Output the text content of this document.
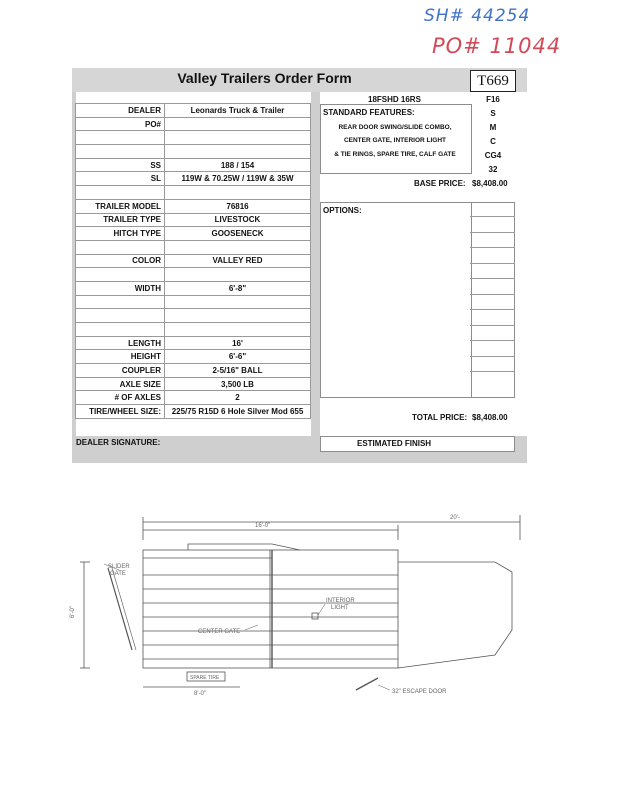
SH# 44254
PO# 11044
Valley Trailers Order Form	T669
DEALER	Leonards Truck & Trailer
PO#	

SS	188 / 154
SL	119W & 70.25W / 119W & 35W

TRAILER MODEL	76816
TRAILER TYPE	LIVESTOCK
HITCH TYPE	GOOSENECK

COLOR	VALLEY RED

WIDTH	6'-8"

LENGTH	16'
HEIGHT	6'-6"
COUPLER	2-5/16" BALL
AXLE SIZE	3,500 LB
# OF AXLES	2
TIRE/WHEEL SIZE:	225/75 R15D 6 Hole Silver Mod 655
18FSHD 16RS
STANDARD FEATURES:
REAR DOOR SWING/SLIDE COMBO,
CENTER GATE, INTERIOR LIGHT
& TIE RINGS, SPARE TIRE, CALF GATE
F16
S
M
C
CG4
32
BASE PRICE: $8,408.00
OPTIONS:
TOTAL PRICE: $8,408.00
DEALER SIGNATURE:	ESTIMATED FINISH
16'-0"
20'-
6'-0"
8'-0"
SLIDER GATE
INTERIOR LIGHT
CENTER GATE
SPARE TIRE
32" ESCAPE DOOR
